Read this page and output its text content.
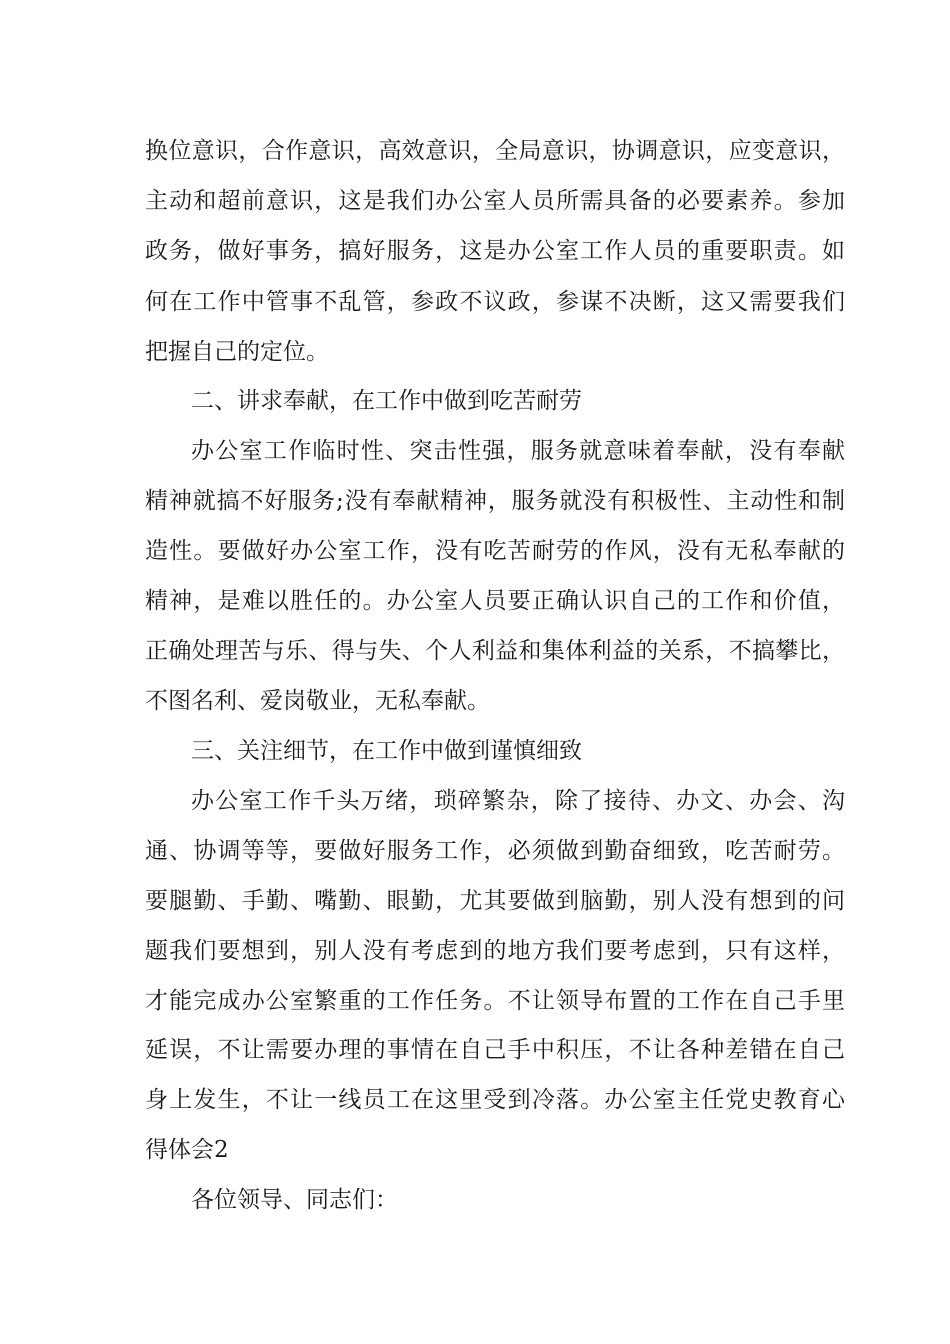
换位意识，合作意识，高效意识，全局意识，协调意识，应变意识，
主动和超前意识，这是我们办公室人员所需具备的必要素养。参加
政务，做好事务，搞好服务，这是办公室工作人员的重要职责。如
何在工作中管事不乱管，参政不议政，参谋不决断，这又需要我们
把握自己的定位。
二、讲求奉献，在工作中做到吃苦耐劳
办公室工作临时性、突击性强，服务就意味着奉献，没有奉献
精神就搞不好服务;没有奉献精神，服务就没有积极性、主动性和制
造性。要做好办公室工作，没有吃苦耐劳的作风，没有无私奉献的
精神，是难以胜任的。办公室人员要正确认识自己的工作和价值，
正确处理苦与乐、得与失、个人利益和集体利益的关系，不搞攀比，
不图名利、爱岗敬业，无私奉献。
三、关注细节，在工作中做到谨慎细致
办公室工作千头万绪，琐碎繁杂，除了接待、办文、办会、沟
通、协调等等，要做好服务工作，必须做到勤奋细致，吃苦耐劳。
要腿勤、手勤、嘴勤、眼勤，尤其要做到脑勤，别人没有想到的问
题我们要想到，别人没有考虑到的地方我们要考虑到，只有这样，
才能完成办公室繁重的工作任务。不让领导布置的工作在自己手里
延误，不让需要办理的事情在自己手中积压，不让各种差错在自己
身上发生，不让一线员工在这里受到冷落。办公室主任党史教育心
得体会2
各位领导、同志们：
